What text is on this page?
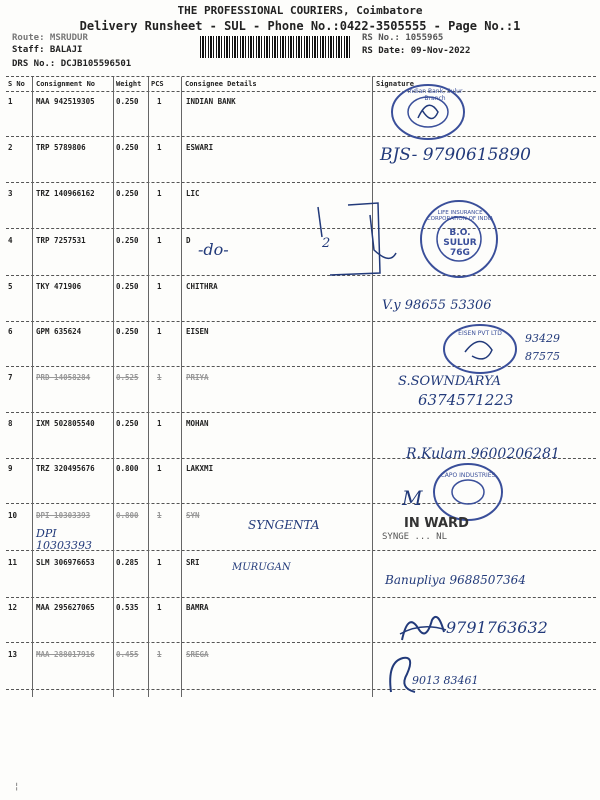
THE PROFESSIONAL COURIERS, Coimbatore
Delivery Runsheet - SUL - Phone No.:0422-3505555 - Page No.:1
Route: MSRUDUR
Staff: BALAJI
DRS No.: DCJB105596501
RS No.: 1055965
RS Date: 09-Nov-2022
S No Consignment No	Weight PCS	Consignee Details	Signature
1	MAA 942519305	0.250 1	INDIAN BANK
2	TRP 5789806	0.250 1	ESWARI
3	TRZ 140966162	0.250 1	LIC
4	TRP 7257531	0.250 1	D
5	TKY 471906	0.250 1	CHITHRA
6	GPM 635624	0.250 1	EISEN
7	PRD 14058284	0.525 1	PRIYA
8	IXM 502805540	0.250 1	MOHAN
9	TRZ 320495676	0.800 1	LAKXMI
10	DPI 10303393	0.800 1	SYN
11	SLM 306976653	0.285 1	SRI
12	MAA 295627065	0.535 1	BAMRA
13	MAA 288017916	0.455 1	SREGA
Indian Bank, Sulur Branch
BJS- 9790615890
-do-	2
LIFE INSURANCE CORPORATION OF INDIA
B.O. SULUR 76G
V.y 98655 53306
EISEN PVT LTD	93429 87575
S.SOWNDARYA
6374571223
R.Kulam 9600206281
CAPO INDUSTRIES
M
DPI 10303393
SYNGENTA	IN WARD
SYNGE ... NL
MURUGAN
Banupliya 9688507364
9791763632
9013 83461
¦
